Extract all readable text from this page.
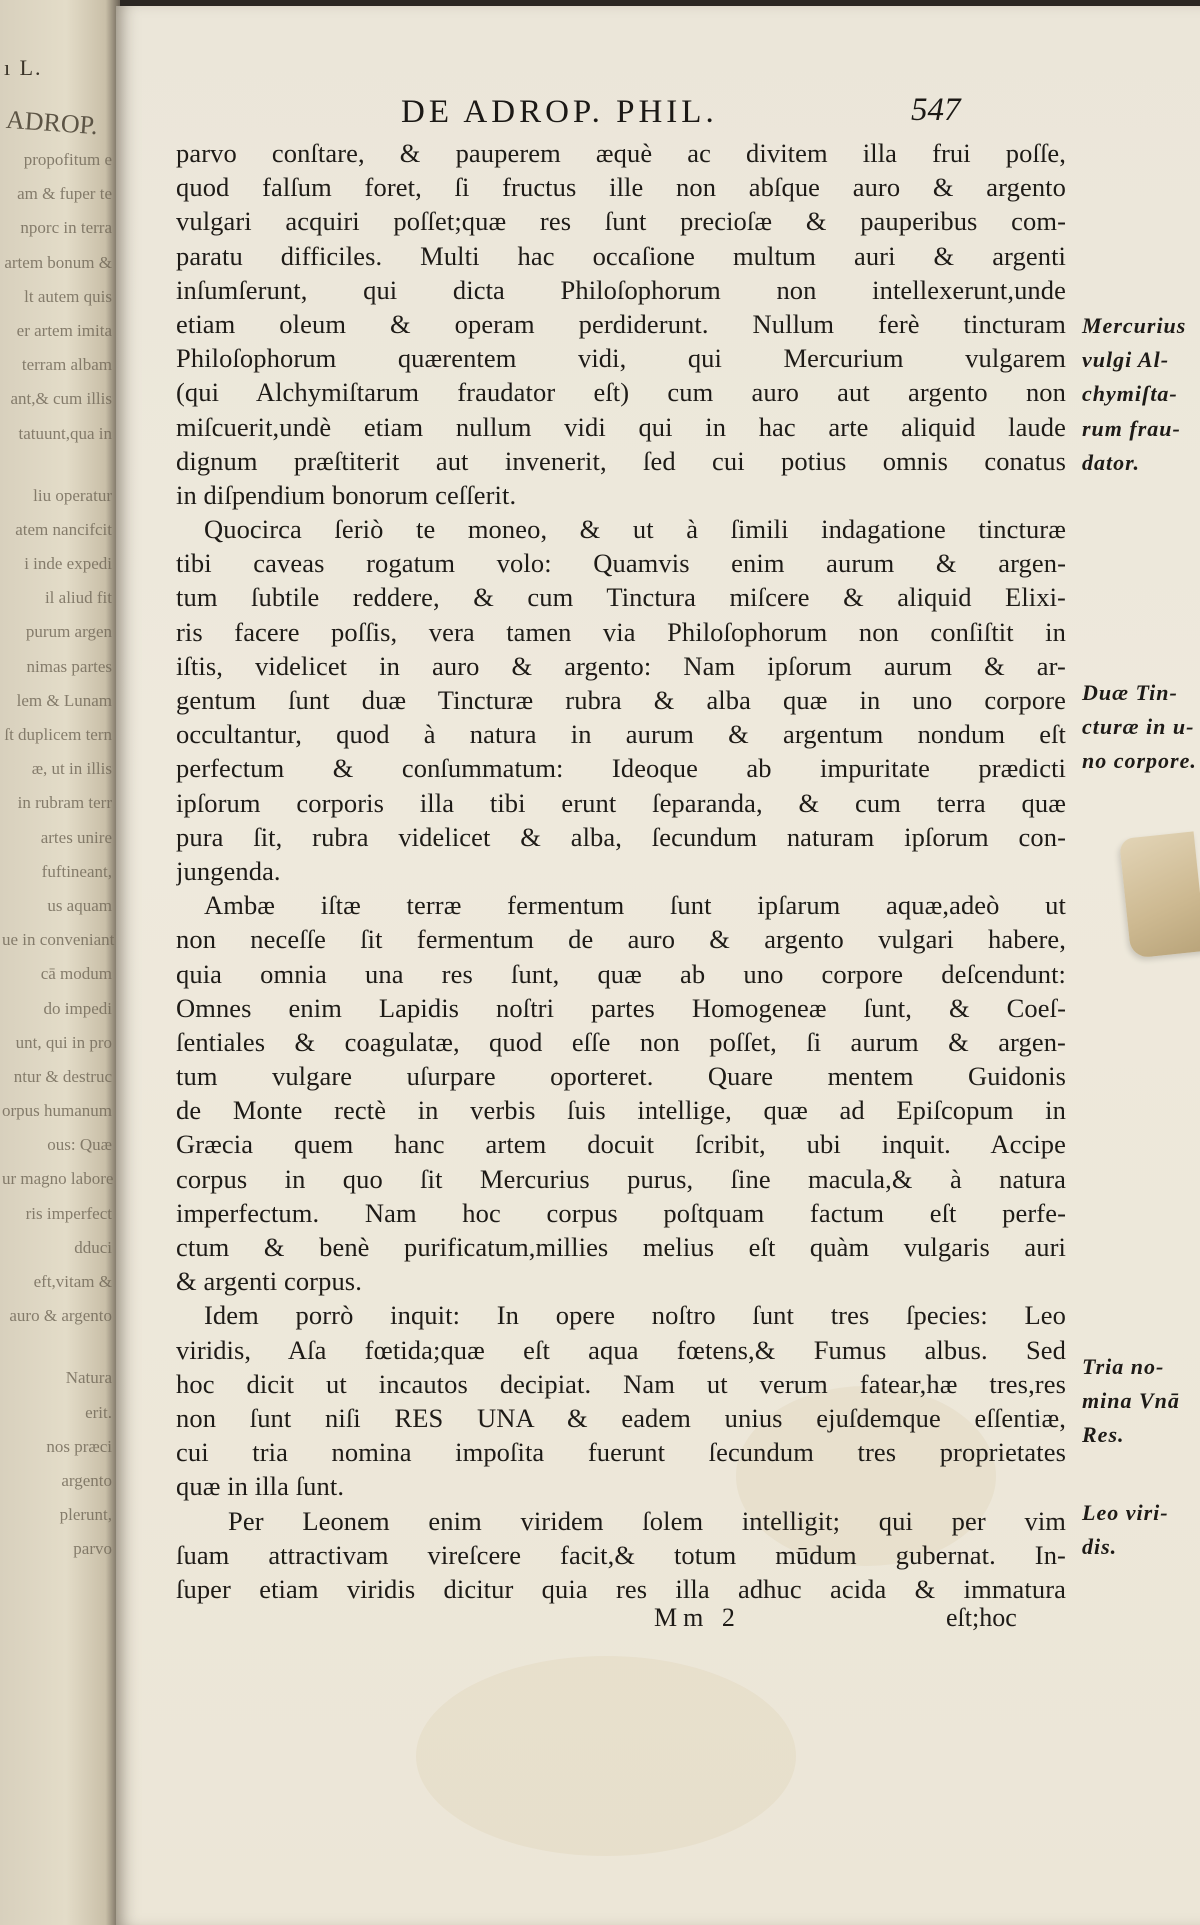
ı L.
ADROP.
propofitum e
am & fuper te
nporc in terra
artem bonum &
lt autem quis
er artem imita
terram albam
ant,& cum illis
tatuunt,qua in
liu operatur
atem nancifcit
i inde expedi
il aliud fit
purum argen
nimas partes
lem & Lunam
ſt duplicem tern
æ, ut in illis
in rubram terr
artes unire
fuftineant,
us aquam
ue in conveniant
cā modum
do impedi
unt, qui in pro
ntur & destruc
orpus humanum
ous: Quæ
ur magno labore
ris imperfect
dduci
eft,vitam &
auro & argento
Natura
erit.
nos præci
argento
plerunt,
parvo
DE ADROP. PHIL.	547
parvo conſtare, & pauperem æquè ac divitem illa frui poſſe,
quod falſum foret, ſi fructus ille non abſque auro & argento
vulgari acquiri poſſet;quæ res ſunt precioſæ & pauperibus com-
paratu difficiles. Multi hac occaſione multum auri & argenti
inſumſerunt, qui dicta Philoſophorum non intellexerunt,unde
etiam oleum & operam perdiderunt. Nullum ferè tincturam
Philoſophorum quærentem vidi, qui Mercurium vulgarem
(qui Alchymiſtarum fraudator eſt) cum auro aut argento non
miſcuerit,undè etiam nullum vidi qui in hac arte aliquid laude
dignum præſtiterit aut invenerit, ſed cui potius omnis conatus
in diſpendium bonorum ceſſerit.
Quocirca ſeriò te moneo, & ut à ſimili indagatione tincturæ
tibi caveas rogatum volo: Quamvis enim aurum & argen-
tum ſubtile reddere, & cum Tinctura miſcere & aliquid Elixi-
ris facere poſſis, vera tamen via Philoſophorum non conſiſtit in
iſtis, videlicet in auro & argento: Nam ipſorum aurum & ar-
gentum ſunt duæ Tincturæ rubra & alba quæ in uno corpore
occultantur, quod à natura in aurum & argentum nondum eſt
perfectum & conſummatum: Ideoque ab impuritate prædicti
ipſorum corporis illa tibi erunt ſeparanda, & cum terra quæ
pura ſit, rubra videlicet & alba, ſecundum naturam ipſorum con-
jungenda.
Ambæ iſtæ terræ fermentum ſunt ipſarum aquæ,adeò ut
non neceſſe ſit fermentum de auro & argento vulgari habere,
quia omnia una res ſunt, quæ ab uno corpore deſcendunt:
Omnes enim Lapidis noſtri partes Homogeneæ ſunt, & Coeſ-
ſentiales & coagulatæ, quod eſſe non poſſet, ſi aurum & argen-
tum vulgare uſurpare oporteret. Quare mentem Guidonis
de Monte rectè in verbis ſuis intellige, quæ ad Epiſcopum in
Græcia quem hanc artem docuit ſcribit, ubi inquit. Accipe
corpus in quo ſit Mercurius purus, ſine macula,& à natura
imperfectum. Nam hoc corpus poſtquam factum eſt perfe-
ctum & benè purificatum,millies melius eſt quàm vulgaris auri
& argenti corpus.
Idem porrò inquit: In opere noſtro ſunt tres ſpecies: Leo
viridis, Aſa fœtida;quæ eſt aqua fœtens,& Fumus albus. Sed
hoc dicit ut incautos decipiat. Nam ut verum fatear,hæ tres,res
non ſunt niſi RES UNA & eadem unius ejuſdemque eſſentiæ,
cui tria nomina impoſita fuerunt ſecundum tres proprietates
quæ in illa ſunt.
Per Leonem enim viridem ſolem intelligit; qui per vim
ſuam attractivam vireſcere facit,& totum mūdum gubernat. In-
ſuper etiam viridis dicitur quia res illa adhuc acida & immatura
Mercurius
vulgi Al-
chymiſta-
rum frau-
dator.
Duæ Tin-
cturæ in u-
no corpore.
Tria no-
mina Vnā
Res.
Leo viri-
dis.
Mm 2	eſt;hoc
